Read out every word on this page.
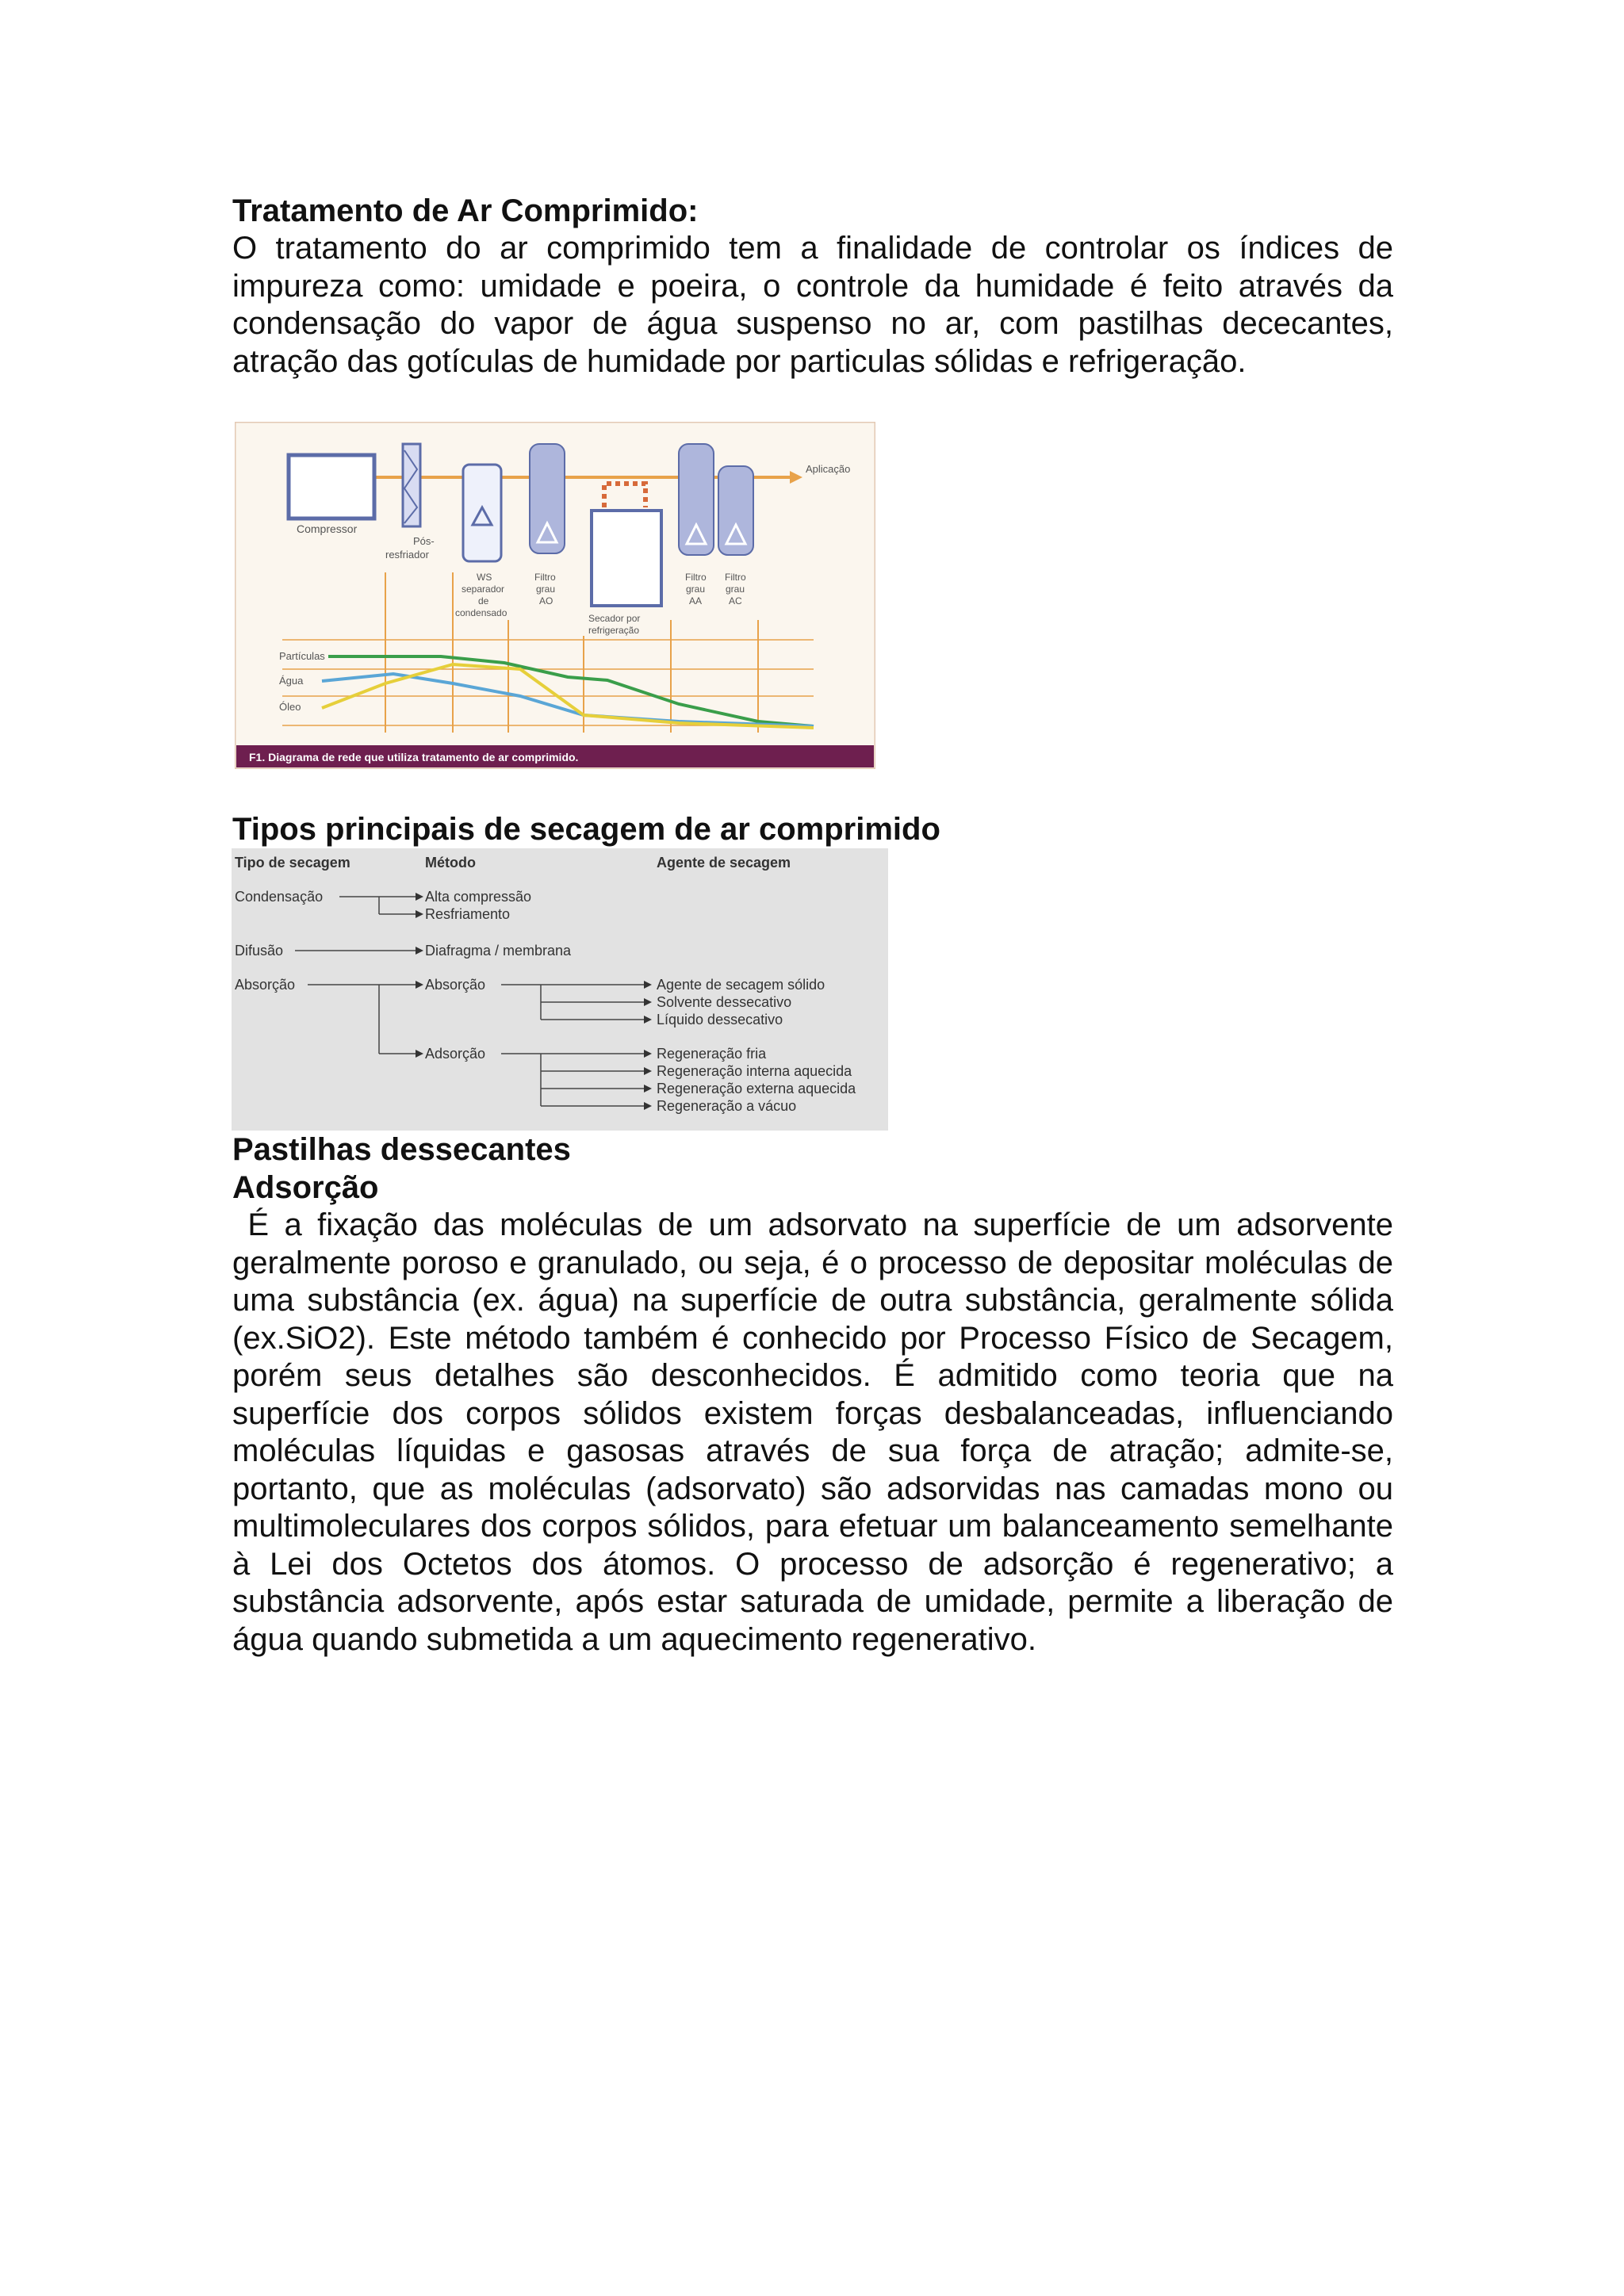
Tratamento de Ar Comprimido:

O tratamento do ar comprimido tem a finalidade de controlar os índices de impureza como: umidade e poeira, o controle da humidade é feito através da condensação do vapor de água suspenso no ar, com pastilhas dececantes, atração das gotículas de humidade por particulas sólidas e refrigeração.

Compressor
Pós-
resfriador
WS
separador
de
condensado
Filtro
grau
AO
Secador por
refrigeração
Filtro
grau
AA
Filtro
grau
AC
Aplicação
Partículas
Água
Óleo
F1. Diagrama de rede que utiliza tratamento de ar comprimido.
Tipos principais de secagem de ar comprimido
Tipo de secagem	Método	Agente de secagem
Condensação
Difusão
Absorção
Alta compressão
Resfriamento
Diafragma / membrana
Absorção
Adsorção
Agente de secagem sólido
Solvente dessecativo
Líquido dessecativo
Regeneração fria
Regeneração interna aquecida
Regeneração externa aquecida
Regeneração a vácuo
Pastilhas dessecantes
Adsorção

É a fixação das moléculas de um adsorvato na superfície de um adsorvente geralmente poroso e granulado, ou seja, é o processo de depositar moléculas de uma substância (ex. água) na superfície de outra substância, geralmente sólida (ex.SiO2). Este método também é conhecido por Processo Físico de Secagem, porém seus detalhes são desconhecidos. É admitido como teoria que na superfície dos corpos sólidos existem forças desbalanceadas, influenciando moléculas líquidas e gasosas através de sua força de atração; admite-se, portanto, que as moléculas (adsorvato) são adsorvidas nas camadas mono ou multimoleculares dos corpos sólidos, para efetuar um balanceamento semelhante à Lei dos Octetos dos átomos. O processo de adsorção é regenerativo; a substância adsorvente, após estar saturada de umidade, permite a liberação de água quando submetida a um aquecimento regenerativo.
